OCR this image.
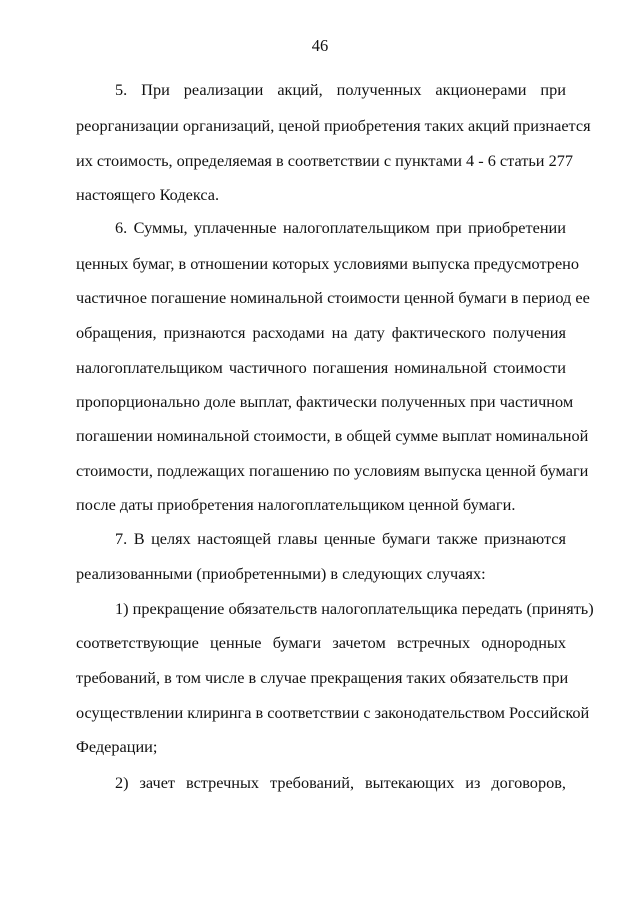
46
5. При реализации акций, полученных акционерами при
реорганизации организаций, ценой приобретения таких акций признается
их стоимость, определяемая в соответствии с пунктами 4 - 6 статьи 277
настоящего Кодекса.
6. Суммы, уплаченные налогоплательщиком при приобретении
ценных бумаг, в отношении которых условиями выпуска предусмотрено
частичное погашение номинальной стоимости ценной бумаги в период ее
обращения, признаются расходами на дату фактического получения
налогоплательщиком частичного погашения номинальной стоимости
пропорционально доле выплат, фактически полученных при частичном
погашении номинальной стоимости, в общей сумме выплат номинальной
стоимости, подлежащих погашению по условиям выпуска ценной бумаги
после даты приобретения налогоплательщиком ценной бумаги.
7. В целях настоящей главы ценные бумаги также признаются
реализованными (приобретенными) в следующих случаях:
1) прекращение обязательств налогоплательщика передать (принять)
соответствующие ценные бумаги зачетом встречных однородных
требований, в том числе в случае прекращения таких обязательств при
осуществлении клиринга в соответствии с законодательством Российской
Федерации;
2) зачет встречных требований, вытекающих из договоров,
